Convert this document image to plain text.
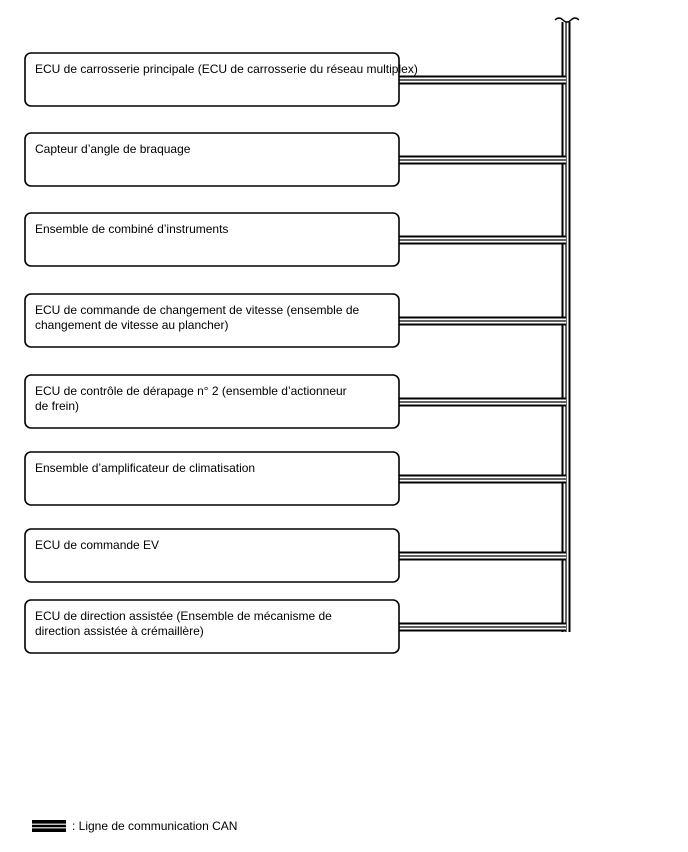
ECU de carrosserie principale (ECU de carrosserie du réseau multiplex)
Capteur d’angle de braquage
Ensemble de combiné d’instruments
ECU de commande de changement de vitesse (ensemble de
changement de vitesse au plancher)
ECU de contrôle de dérapage n° 2 (ensemble d’actionneur
de frein)
Ensemble d’amplificateur de climatisation
ECU de commande EV
ECU de direction assistée (Ensemble de mécanisme de
direction assistée à crémaillère)
: Ligne de communication CAN
